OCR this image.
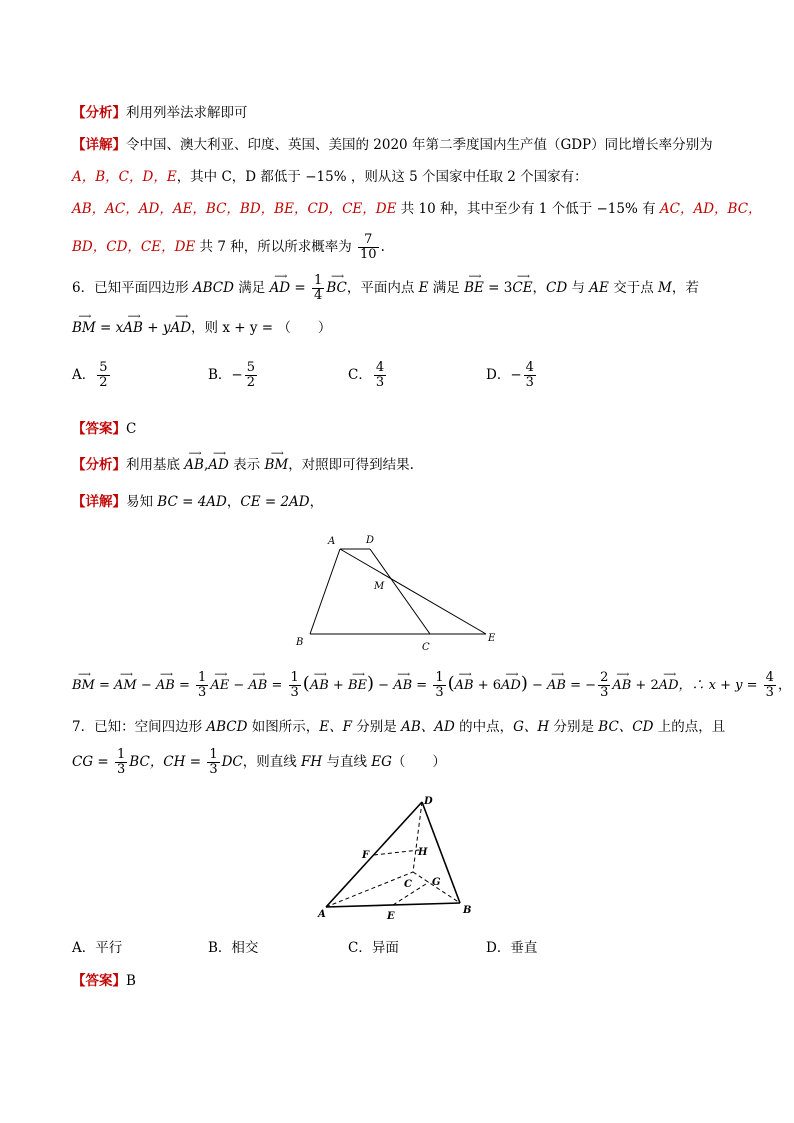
【分析】利用列举法求解即可
【详解】令中国、澳大利亚、印度、英国、美国的 2020 年第二季度国内生产值（GDP）同比增长率分别为
A，B，C，D，E，其中 C，D 都低于 −15% ，则从这 5 个国家中任取 2 个国家有：
AB，AC，AD，AE，BC，BD，BE，CD，CE，DE 共 10 种，其中至少有 1 个低于 −15% 有 AC，AD，BC，
BD，CD，CE，DE 共 7 种，所以所求概率为 $\frac{7}{10}$ .
6．已知平面四边形 ABCD 满足 ⟶ AD = $\frac{1}{4}$ ⟶ BC，平面内点 E 满足 ⟶ BE = 3⟶ CE，CD 与 AE 交于点 M，若
⟶ BM = x⟶ AB + y⟶ AD，则 x + y = （　　）
A． $\frac{5}{2}$	B．− $\frac{5}{2}$	C． $\frac{4}{3}$	D．− $\frac{4}{3}$
【答案】C
【分析】利用基底 ⟶ AB,⟶ AD 表示 ⟶ BM，对照即可得到结果.
【详解】易知 BC = 4AD，CE = 2AD，
A	D
M
B	C
E
⟶ BM = ⟶ AM − ⟶ AB = $\frac{1}{3}$ ⟶ AE − ⟶ AB = $\frac{1}{3}$ (⟶ AB + ⟶ BE) − ⟶ AB = $\frac{1}{3}$ (⟶ AB + 6⟶ AD) − ⟶ AB = − $\frac{2}{3}$ ⟶ AB + 2⟶ AD，∴ $x + y = \frac{4}{3}$ ，
7．已知：空间四边形 ABCD 如图所示，E、F 分别是 AB、AD 的中点，G、H 分别是 BC、CD 上的点，且
CG = $\frac{1}{3}$ BC，CH = $\frac{1}{3}$ DC，则直线 FH 与直线 EG（　　）
D
F	H
C G
A	E
B
A．平行	B．相交	C．异面	D．垂直
【答案】B
